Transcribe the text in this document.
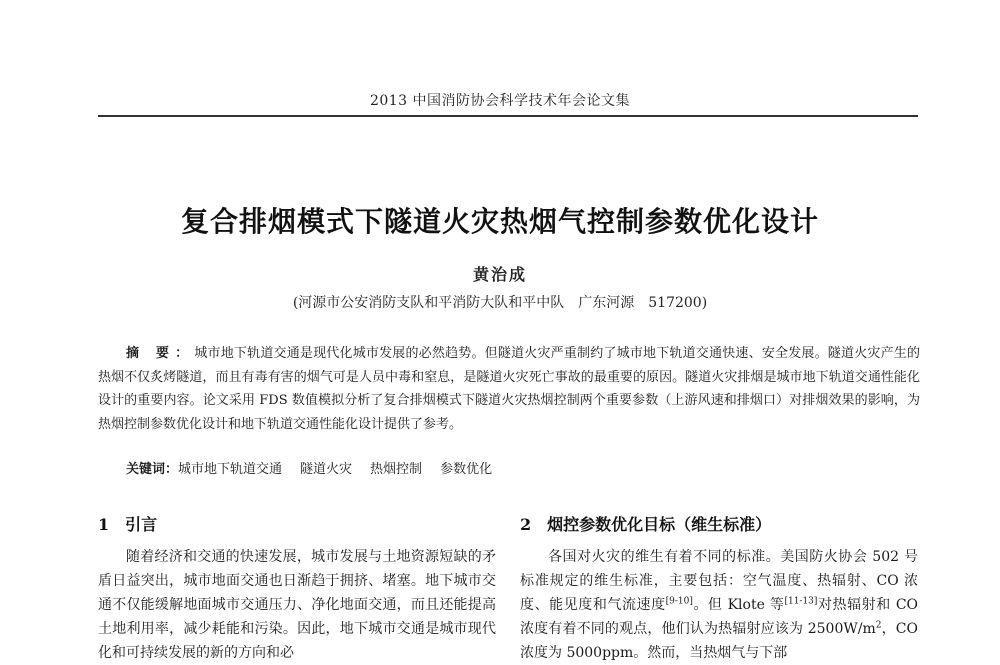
2013 中国消防协会科学技术年会论文集
复合排烟模式下隧道火灾热烟气控制参数优化设计
黄治成
(河源市公安消防支队和平消防大队和平中队　广东河源　517200)
摘 要：城市地下轨道交通是现代化城市发展的必然趋势。但隧道火灾严重制约了城市地下轨道交通快速、安全发展。隧道火灾产生的热烟不仅炙烤隧道，而且有毒有害的烟气可是人员中毒和窒息，是隧道火灾死亡事故的最重要的原因。隧道火灾排烟是城市地下轨道交通性能化设计的重要内容。论文采用 FDS 数值模拟分析了复合排烟模式下隧道火灾热烟控制两个重要参数（上游风速和排烟口）对排烟效果的影响，为热烟控制参数优化设计和地下轨道交通性能化设计提供了参考。
关键词：城市地下轨道交通 隧道火灾 热烟控制 参数优化
1 引言	2 烟控参数优化目标（维生标准）
随着经济和交通的快速发展，城市发展与土地资源短缺的矛盾日益突出，城市地面交通也日渐趋于拥挤、堵塞。地下城市交通不仅能缓解地面城市交通压力、净化地面交通，而且还能提高土地利用率，减少耗能和污染。因此，地下城市交通是城市现代化和可持续发展的新的方向和必
各国对火灾的维生有着不同的标准。美国防火协会 502 号标准规定的维生标准，主要包括：空气温度、热辐射、CO 浓度、能见度和气流速度[9-10]。但 Klote 等[11-13]对热辐射和 CO 浓度有着不同的观点，他们认为热辐射应该为 $2500W/m^2$，CO 浓度为 5000ppm。然而，当热烟气与下部
